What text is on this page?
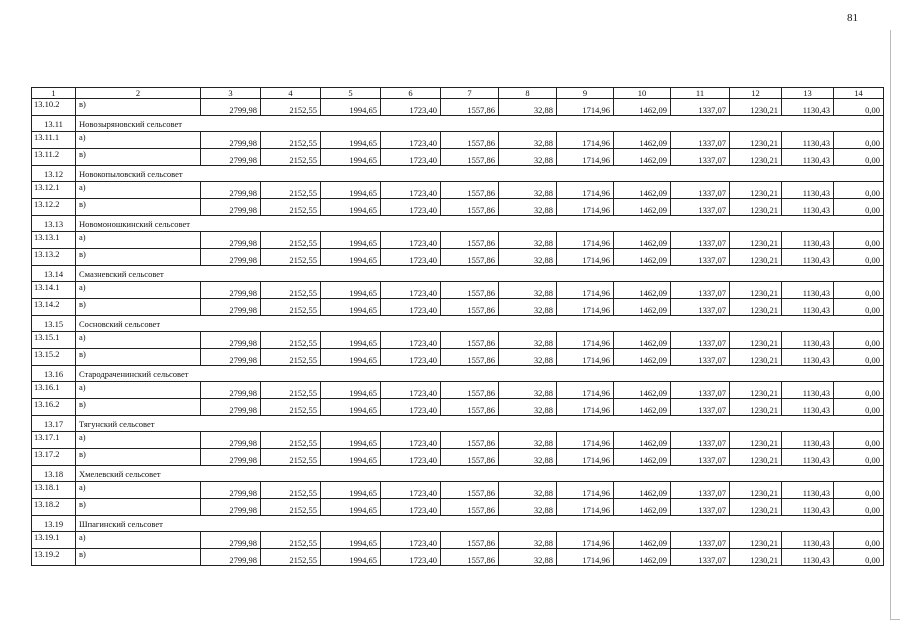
81
1	2	3	4	5	6	7	8	9	10	11	12	13	14
13.10.2	в)	2799,98	2152,55	1994,65	1723,40	1557,86	32,88	1714,96	1462,09	1337,07	1230,21	1130,43	0,00
13.11	Новозыряновский сельсовет												
13.11.1	а)	2799,98	2152,55	1994,65	1723,40	1557,86	32,88	1714,96	1462,09	1337,07	1230,21	1130,43	0,00
13.11.2	в)	2799,98	2152,55	1994,65	1723,40	1557,86	32,88	1714,96	1462,09	1337,07	1230,21	1130,43	0,00
13.12	Новокопыловский сельсовет												
13.12.1	а)	2799,98	2152,55	1994,65	1723,40	1557,86	32,88	1714,96	1462,09	1337,07	1230,21	1130,43	0,00
13.12.2	в)	2799,98	2152,55	1994,65	1723,40	1557,86	32,88	1714,96	1462,09	1337,07	1230,21	1130,43	0,00
13.13	Новомоношкинский сельсовет												
13.13.1	а)	2799,98	2152,55	1994,65	1723,40	1557,86	32,88	1714,96	1462,09	1337,07	1230,21	1130,43	0,00
13.13.2	в)	2799,98	2152,55	1994,65	1723,40	1557,86	32,88	1714,96	1462,09	1337,07	1230,21	1130,43	0,00
13.14	Смазневский сельсовет												
13.14.1	а)	2799,98	2152,55	1994,65	1723,40	1557,86	32,88	1714,96	1462,09	1337,07	1230,21	1130,43	0,00
13.14.2	в)	2799,98	2152,55	1994,65	1723,40	1557,86	32,88	1714,96	1462,09	1337,07	1230,21	1130,43	0,00
13.15	Сосновский сельсовет												
13.15.1	а)	2799,98	2152,55	1994,65	1723,40	1557,86	32,88	1714,96	1462,09	1337,07	1230,21	1130,43	0,00
13.15.2	в)	2799,98	2152,55	1994,65	1723,40	1557,86	32,88	1714,96	1462,09	1337,07	1230,21	1130,43	0,00
13.16	Стародраченинский сельсовет												
13.16.1	а)	2799,98	2152,55	1994,65	1723,40	1557,86	32,88	1714,96	1462,09	1337,07	1230,21	1130,43	0,00
13.16.2	в)	2799,98	2152,55	1994,65	1723,40	1557,86	32,88	1714,96	1462,09	1337,07	1230,21	1130,43	0,00
13.17	Тягунский сельсовет												
13.17.1	а)	2799,98	2152,55	1994,65	1723,40	1557,86	32,88	1714,96	1462,09	1337,07	1230,21	1130,43	0,00
13.17.2	в)	2799,98	2152,55	1994,65	1723,40	1557,86	32,88	1714,96	1462,09	1337,07	1230,21	1130,43	0,00
13.18	Хмелевский сельсовет												
13.18.1	а)	2799,98	2152,55	1994,65	1723,40	1557,86	32,88	1714,96	1462,09	1337,07	1230,21	1130,43	0,00
13.18.2	в)	2799,98	2152,55	1994,65	1723,40	1557,86	32,88	1714,96	1462,09	1337,07	1230,21	1130,43	0,00
13.19	Шпагинский сельсовет												
13.19.1	а)	2799,98	2152,55	1994,65	1723,40	1557,86	32,88	1714,96	1462,09	1337,07	1230,21	1130,43	0,00
13.19.2	в)	2799,98	2152,55	1994,65	1723,40	1557,86	32,88	1714,96	1462,09	1337,07	1230,21	1130,43	0,00
